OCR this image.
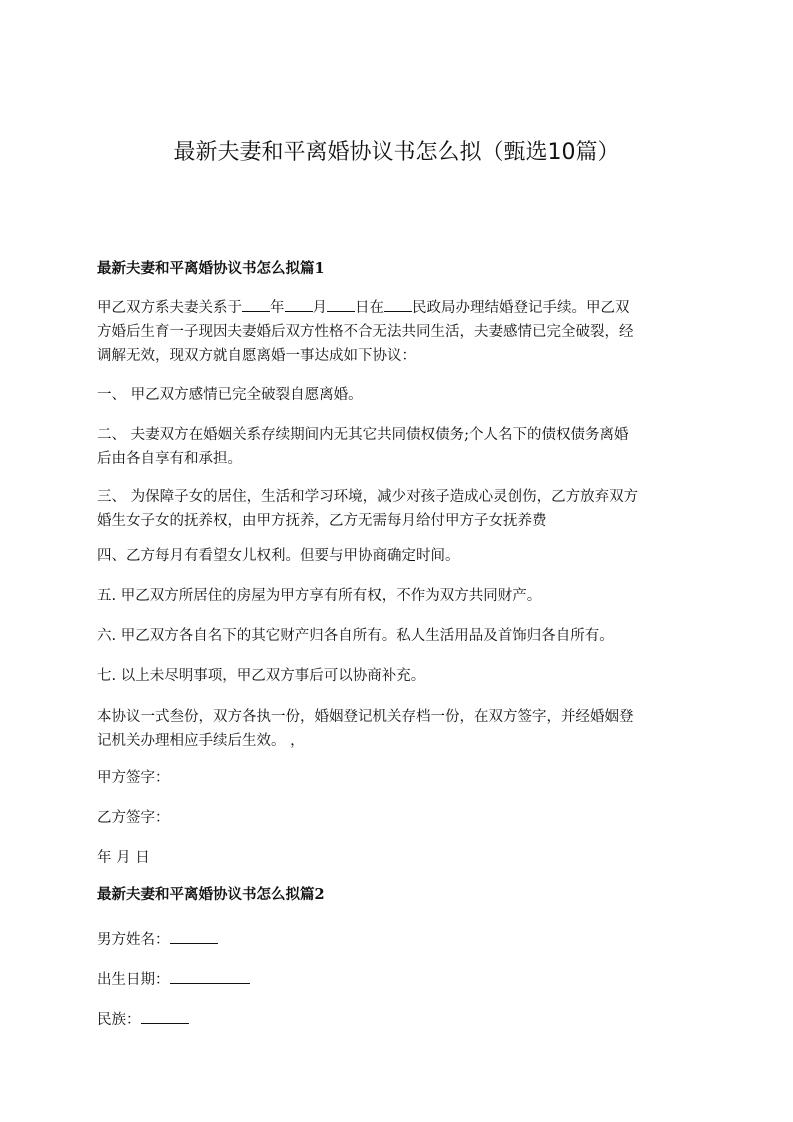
最新夫妻和平离婚协议书怎么拟（甄选10篇）
最新夫妻和平离婚协议书怎么拟篇1
甲乙双方系夫妻关系于 年 月 日在 民政局办理结婚登记手续。甲乙双
方婚后生育一子现因夫妻婚后双方性格不合无法共同生活，夫妻感情已完全破裂，经
调解无效，现双方就自愿离婚一事达成如下协议：
一、 甲乙双方感情已完全破裂自愿离婚。
二、 夫妻双方在婚姻关系存续期间内无其它共同债权债务;个人名下的债权债务离婚
后由各自享有和承担。
三、 为保障子女的居住，生活和学习环境，减少对孩子造成心灵创伤，乙方放弃双方
婚生女子女的抚养权，由甲方抚养，乙方无需每月给付甲方子女抚养费
四、乙方每月有看望女儿权利。但要与甲协商确定时间。
五. 甲乙双方所居住的房屋为甲方享有所有权，不作为双方共同财产。
六. 甲乙双方各自名下的其它财产归各自所有。私人生活用品及首饰归各自所有。
七. 以上未尽明事项，甲乙双方事后可以协商补充。
本协议一式叁份，双方各执一份，婚姻登记机关存档一份，在双方签字，并经婚姻登
记机关办理相应手续后生效。 ，
甲方签字：
乙方签字：
年 月 日
最新夫妻和平离婚协议书怎么拟篇2
男方姓名：
出生日期：
民族：
